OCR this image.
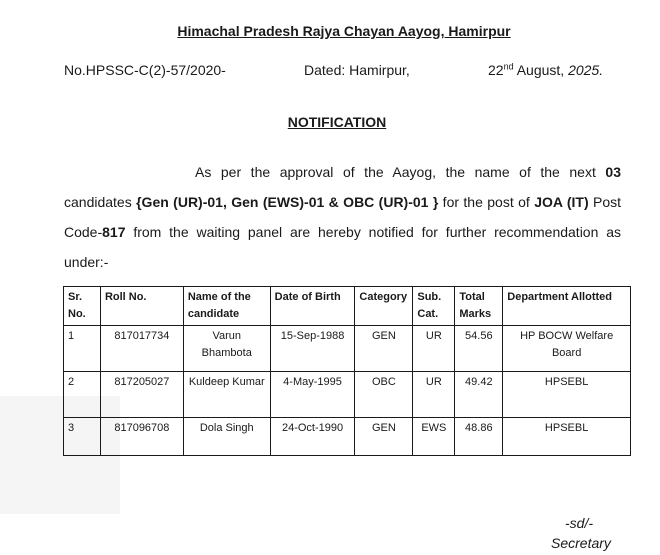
Himachal Pradesh Rajya Chayan Aayog, Hamirpur
No.HPSSC-C(2)-57/2020-	Dated: Hamirpur,	22nd August, 2025.
NOTIFICATION
As per the approval of the Aayog, the name of the next 03 candidates {Gen (UR)-01, Gen (EWS)-01 & OBC (UR)-01 } for the post of JOA (IT) Post Code-817 from the waiting panel are hereby notified for further recommendation as under:-
Sr. No.	Roll No.	Name of the candidate	Date of Birth	Category	Sub. Cat.	Total Marks	Department Allotted
1	817017734	Varun Bhambota	15-Sep-1988	GEN	UR	54.56	HP BOCW Welfare Board
2	817205027	Kuldeep Kumar	4-May-1995	OBC	UR	49.42	HPSEBL
3	817096708	Dola Singh	24-Oct-1990	GEN	EWS	48.86	HPSEBL
-sd/-
Secretary
